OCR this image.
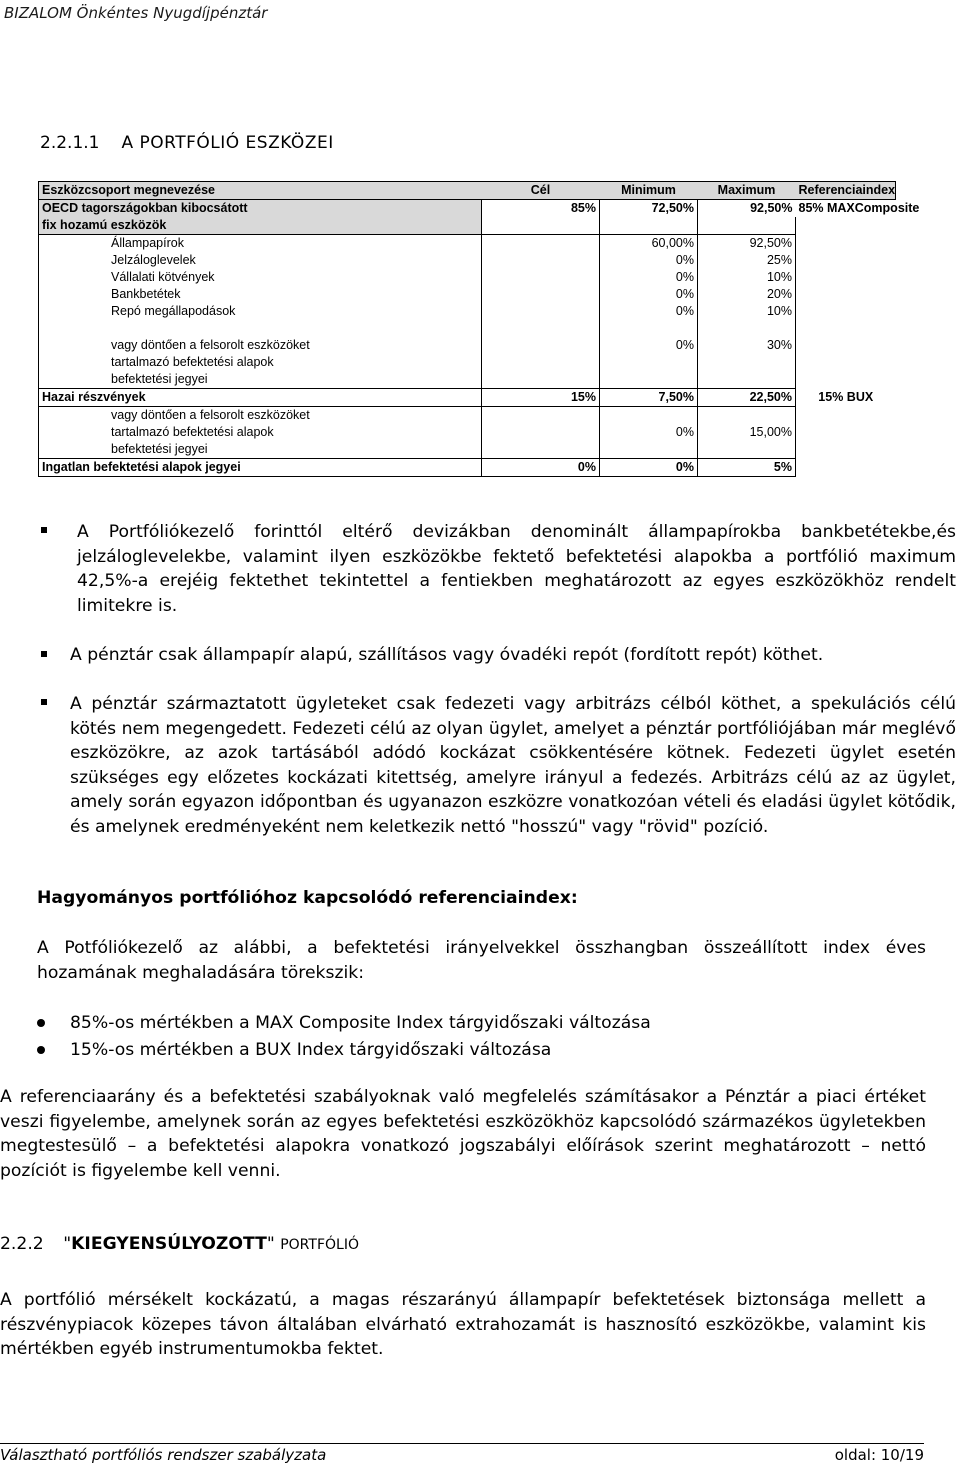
BIZALOM Önkéntes Nyugdíjpénztár
2.2.1.1 A PORTFÓLIÓ ESZKÖZEI
Eszközcsoport megnevezése	Cél	Minimum	Maximum	Referenciaindex
OECD tagországokban kibocsátott	85%	72,50%	92,50%	85% MAXComposite
fix hozamú eszközök				
Állampapírok		60,00%	92,50%	
Jelzáloglevelek		0%	25%	
Vállalati kötvények		0%	10%	
Bankbetétek		0%	20%	
Repó megállapodások		0%	10%	

vagy döntően a felsorolt eszközöket		0%	30%	
tartalmazó befektetési alapok				
befektetési jegyei				
Hazai részvények	15%	7,50%	22,50%	15% BUX
vagy döntően a felsorolt eszközöket				
tartalmazó befektetési alapok		0%	15,00%	
befektetési jegyei				
Ingatlan befektetési alapok jegyei	0%	0%	5%	
A Portfóliókezelő forinttól eltérő devizákban denominált állampapírokba bankbetétekbe,és jelzáloglevelekbe, valamint ilyen eszközökbe fektető befektetési alapokba a portfólió maximum 42,5%-a erejéig fektethet tekintettel a fentiekben meghatározott az egyes eszközökhöz rendelt limitekre is.
A pénztár csak állampapír alapú, szállításos vagy óvadéki repót (fordított repót) köthet.
A pénztár származtatott ügyleteket csak fedezeti vagy arbitrázs célból köthet, a spekulációs célú kötés nem megengedett. Fedezeti célú az olyan ügylet, amelyet a pénztár portfóliójában már meglévő eszközökre, az azok tartásából adódó kockázat csökkentésére kötnek. Fedezeti ügylet esetén szükséges egy előzetes kockázati kitettség, amelyre irányul a fedezés. Arbitrázs célú az az ügylet, amely során egyazon időpontban és ugyanazon eszközre vonatkozóan vételi és eladási ügylet kötődik, és amelynek eredményeként nem keletkezik nettó "hosszú" vagy "rövid" pozíció.
Hagyományos portfólióhoz kapcsolódó referenciaindex:
A Potfóliókezelő az alábbi, a befektetési irányelvekkel összhangban összeállított index éves hozamának meghaladására törekszik:
85%-os mértékben a MAX Composite Index tárgyidőszaki változása
15%-os mértékben a BUX Index tárgyidőszaki változása
A referenciaarány és a befektetési szabályoknak való megfelelés számításakor a Pénztár a piaci értéket veszi figyelembe, amelynek során az egyes befektetési eszközökhöz kapcsolódó származékos ügyletekben megtestesülő – a befektetési alapokra vonatkozó jogszabályi előírások szerint meghatározott – nettó pozíciót is figyelembe kell venni.
2.2.2 "KIEGYENSÚLYOZOTT" PORTFÓLIÓ
A portfólió mérsékelt kockázatú, a magas részarányú állampapír befektetések biztonsága mellett a részvénypiacok közepes távon általában elvárható extrahozamát is hasznosító eszközökbe, valamint kis mértékben egyéb instrumentumokba fektet.
Választható portfóliós rendszer szabályzata	oldal: 10/19
